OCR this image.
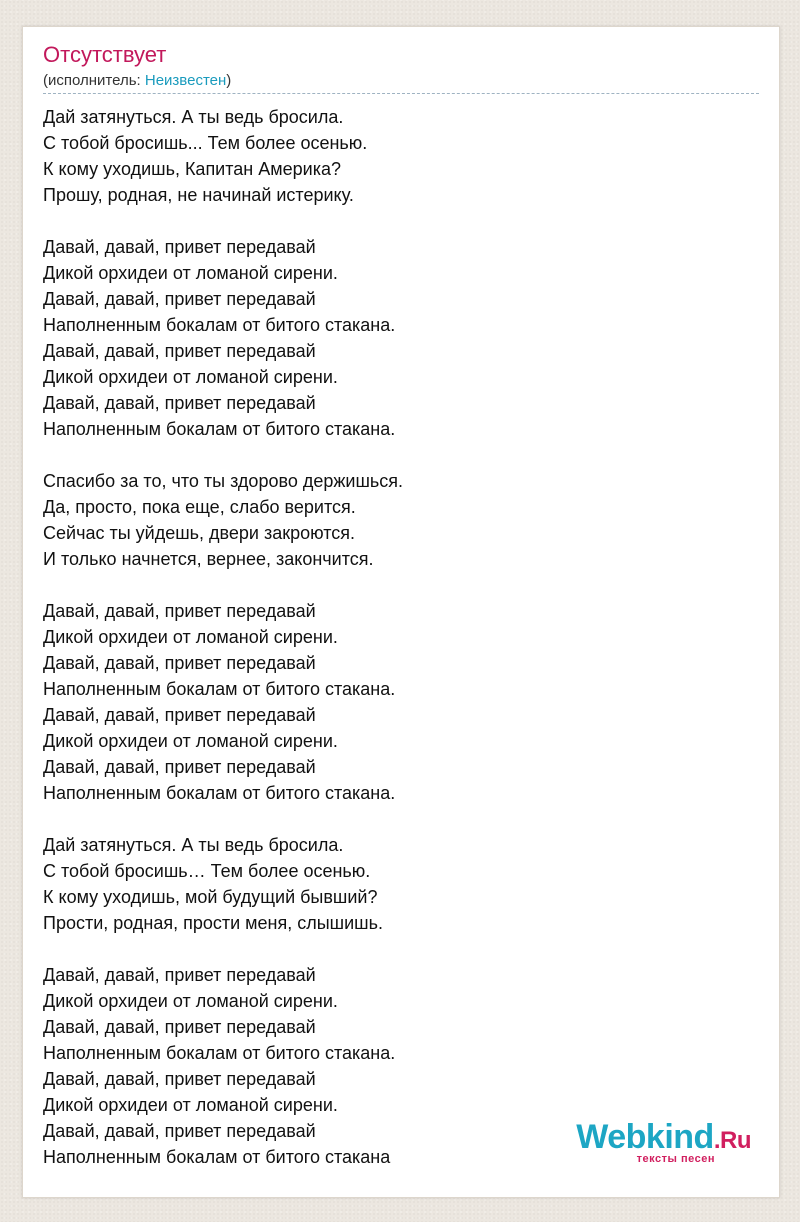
Отсутствует
(исполнитель: Неизвестен)
Дай затянуться. А ты ведь бросила.
С тобой бросишь... Тем более осенью.
К кому уходишь, Капитан Америка?
Прошу, родная, не начинай истерику.
Давай, давай, привет передавай
Дикой орхидеи от ломаной сирени.
Давай, давай, привет передавай
Наполненным бокалам от битого стакана.
Давай, давай, привет передавай
Дикой орхидеи от ломаной сирени.
Давай, давай, привет передавай
Наполненным бокалам от битого стакана.
Спасибо за то, что ты здорово держишься.
Да, просто, пока еще, слабо верится.
Сейчас ты уйдешь, двери закроются.
И только начнется, вернее, закончится.
Давай, давай, привет передавай
Дикой орхидеи от ломаной сирени.
Давай, давай, привет передавай
Наполненным бокалам от битого стакана.
Давай, давай, привет передавай
Дикой орхидеи от ломаной сирени.
Давай, давай, привет передавай
Наполненным бокалам от битого стакана.
Дай затянуться. А ты ведь бросила.
С тобой бросишь… Тем более осенью.
К кому уходишь, мой будущий бывший?
Прости, родная, прости меня, слышишь.
Давай, давай, привет передавай
Дикой орхидеи от ломаной сирени.
Давай, давай, привет передавай
Наполненным бокалам от битого стакана.
Давай, давай, привет передавай
Дикой орхидеи от ломаной сирени.
Давай, давай, привет передавай
Наполненным бокалам от битого стакана
Webkind.Ru
тексты песен
